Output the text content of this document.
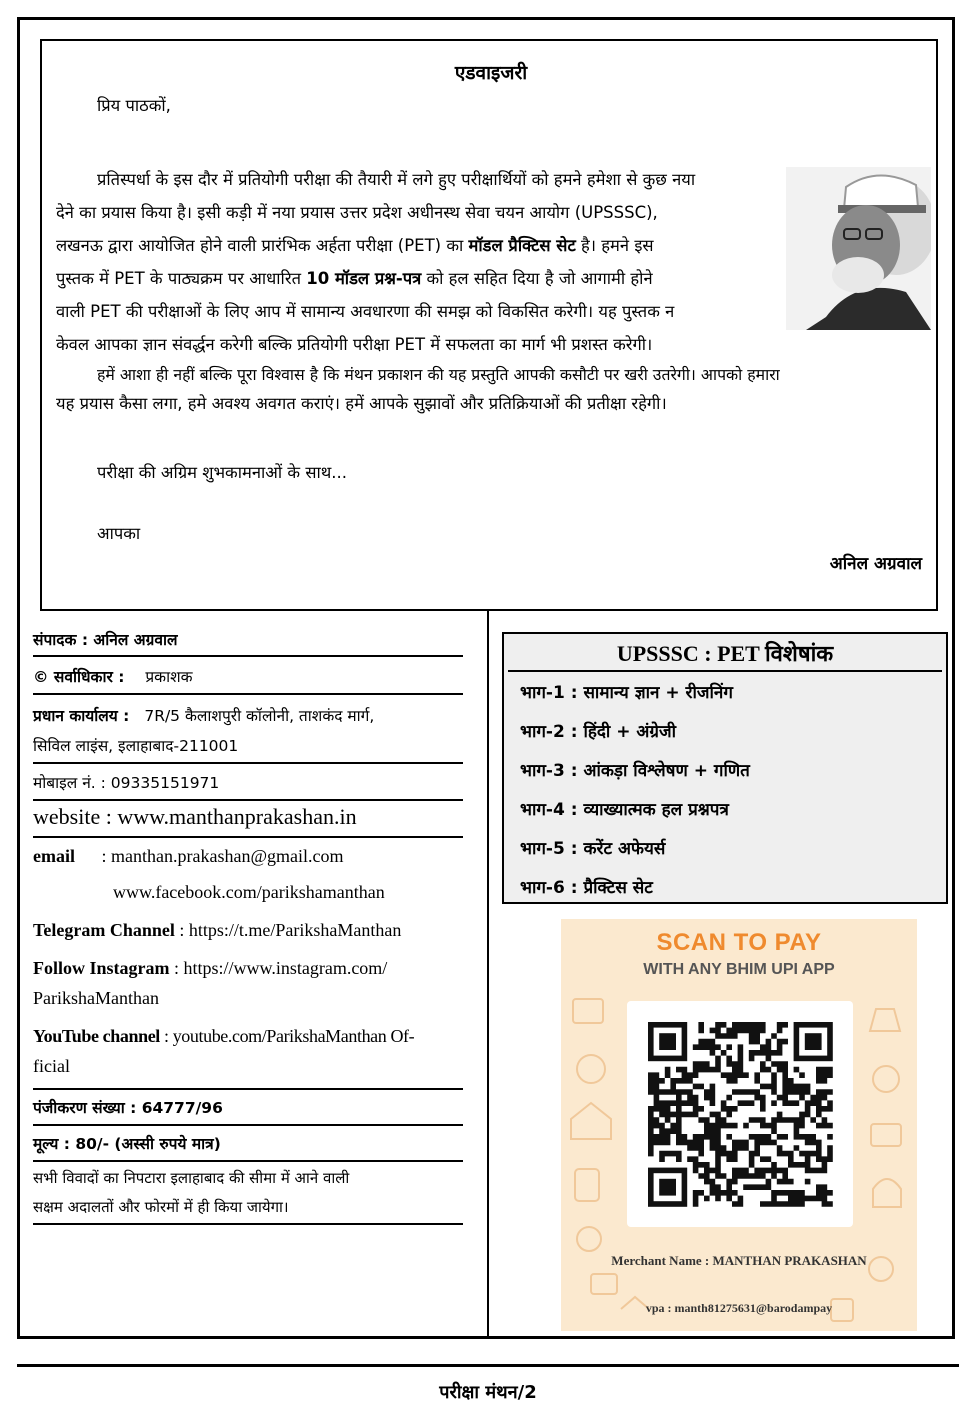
एडवाइजरी
प्रिय पाठकों,
प्रतिस्पर्धा के इस दौर में प्रतियोगी परीक्षा की तैयारी में लगे हुए परीक्षार्थियों को हमने हमेशा से कुछ नया
देने का प्रयास किया है। इसी कड़ी में नया प्रयास उत्तर प्रदेश अधीनस्थ सेवा चयन आयोग (UPSSSC),
लखनऊ द्वारा आयोजित होने वाली प्रारंभिक अर्हता परीक्षा (PET) का मॉडल प्रैक्टिस सेट है। हमने इस
पुस्तक में PET के पाठ्यक्रम पर आधारित 10 मॉडल प्रश्न-पत्र को हल सहित दिया है जो आगामी होने
वाली PET की परीक्षाओं के लिए आप में सामान्य अवधारणा की समझ को विकसित करेगी। यह पुस्तक न
केवल आपका ज्ञान संवर्द्धन करेगी बल्कि प्रतियोगी परीक्षा PET में सफलता का मार्ग भी प्रशस्त करेगी।
हमें आशा ही नहीं बल्कि पूरा विश्वास है कि मंथन प्रकाशन की यह प्रस्तुति आपकी कसौटी पर खरी उतरेगी। आपको हमारा
यह प्रयास कैसा लगा, हमे अवश्य अवगत कराएं। हमें आपके सुझावों और प्रतिक्रियाओं की प्रतीक्षा रहेगी।
परीक्षा की अग्रिम शुभकामनाओं के साथ...
आपका
अनिल अग्रवाल
संपादक : अनिल अग्रवाल
© सर्वाधिकार : प्रकाशक
प्रधान कार्यालय : 7R/5 कैलाशपुरी कॉलोनी, ताशकंद मार्ग,
सिविल लाइंस, इलाहाबाद-211001
मोबाइल नं. : 09335151971
website : www.manthanprakashan.in
email : manthan.prakashan@gmail.com
www.facebook.com/parikshamanthan
Telegram Channel : https://t.me/ParikshaManthan
Follow Instagram : https://www.instagram.com/
ParikshaManthan
YouTube channel : youtube.com/ParikshaManthan Of-
ficial
पंजीकरण संख्या : 64777/96
मूल्य : 80/- (अस्सी रुपये मात्र)
सभी विवादों का निपटारा इलाहाबाद की सीमा में आने वाली
सक्षम अदालतों और फोरमों में ही किया जायेगा।
UPSSSC : PET विशेषांक
भाग-1 : सामान्य ज्ञान + रीजनिंग
भाग-2 : हिंदी + अंग्रेजी
भाग-3 : आंकड़ा विश्लेषण + गणित
भाग-4 : व्याख्यात्मक हल प्रश्नपत्र
भाग-5 : करेंट अफेयर्स
भाग-6 : प्रैक्टिस सेट
SCAN TO PAY
WITH ANY BHIM UPI APP
Merchant Name : MANTHAN PRAKASHAN
vpa : manth81275631@barodampay
परीक्षा मंथन/2
